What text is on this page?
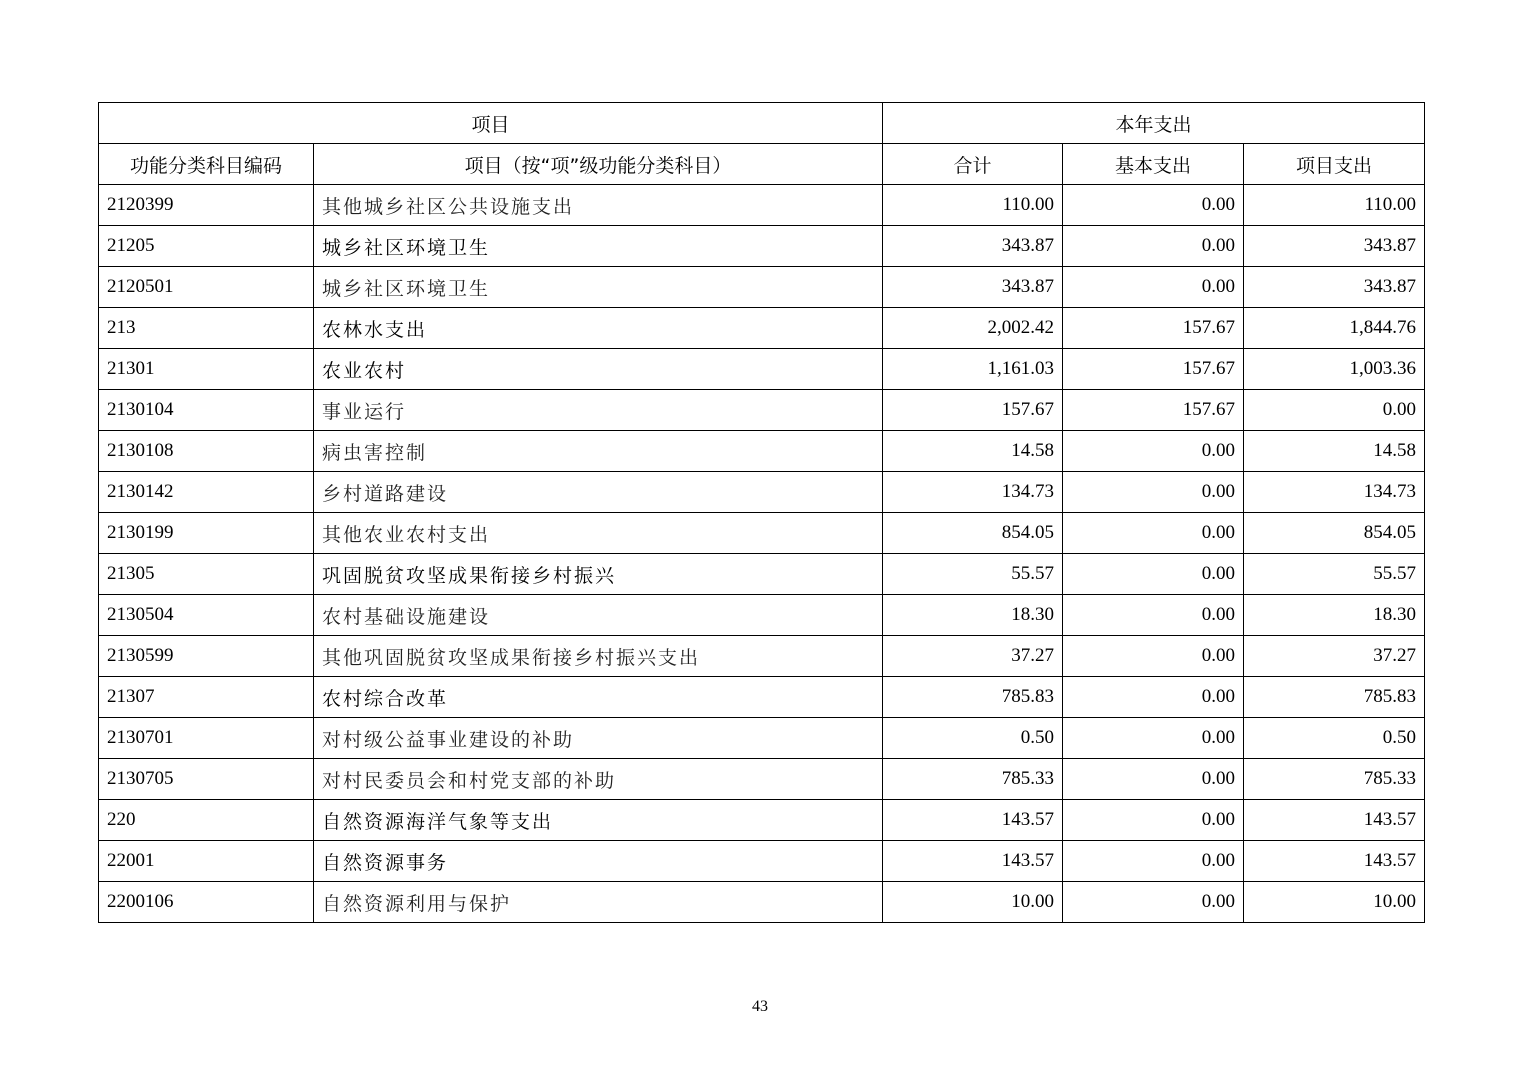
项目		本年支出		
功能分类科目编码	项目（按“项”级功能分类科目）	合计	基本支出	项目支出
2120399	其他城乡社区公共设施支出	110.00	0.00	110.00
21205	城乡社区环境卫生	343.87	0.00	343.87
2120501	城乡社区环境卫生	343.87	0.00	343.87
213	农林水支出	2,002.42	157.67	1,844.76
21301	农业农村	1,161.03	157.67	1,003.36
2130104	事业运行	157.67	157.67	0.00
2130108	病虫害控制	14.58	0.00	14.58
2130142	乡村道路建设	134.73	0.00	134.73
2130199	其他农业农村支出	854.05	0.00	854.05
21305	巩固脱贫攻坚成果衔接乡村振兴	55.57	0.00	55.57
2130504	农村基础设施建设	18.30	0.00	18.30
2130599	其他巩固脱贫攻坚成果衔接乡村振兴支出	37.27	0.00	37.27
21307	农村综合改革	785.83	0.00	785.83
2130701	对村级公益事业建设的补助	0.50	0.00	0.50
2130705	对村民委员会和村党支部的补助	785.33	0.00	785.33
220	自然资源海洋气象等支出	143.57	0.00	143.57
22001	自然资源事务	143.57	0.00	143.57
2200106	自然资源利用与保护	10.00	0.00	10.00
43
